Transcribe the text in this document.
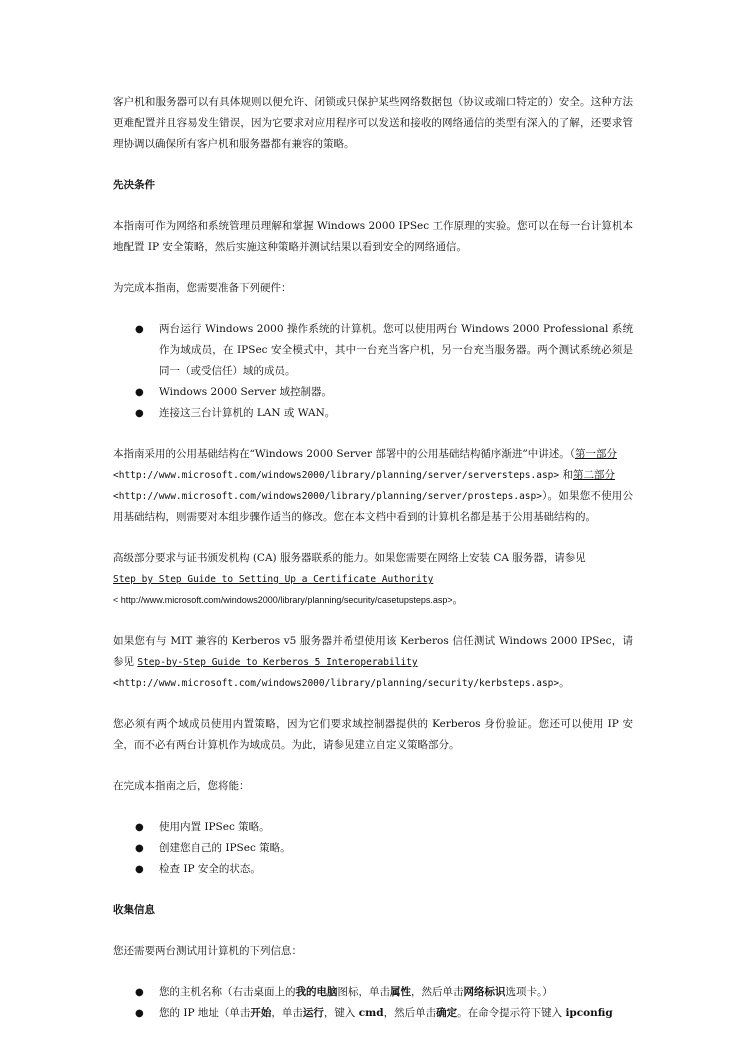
客户机和服务器可以有具体规则以便允许、闭锁或只保护某些网络数据包（协议或端口特定的）安全。这种方法更难配置并且容易发生错误，因为它要求对应用程序可以发送和接收的网络通信的类型有深入的了解，还要求管理协调以确保所有客户机和服务器都有兼容的策略。

先决条件

本指南可作为网络和系统管理员理解和掌握 Windows 2000 IPSec 工作原理的实验。您可以在每一台计算机本地配置 IP 安全策略，然后实施这种策略并测试结果以看到安全的网络通信。

为完成本指南，您需要准备下列硬件：

● 两台运行 Windows 2000 操作系统的计算机。您可以使用两台 Windows 2000 Professional 系统作为域成员，在 IPSec 安全模式中，其中一台充当客户机，另一台充当服务器。两个测试系统必须是同一（或受信任）域的成员。
● Windows 2000 Server 域控制器。
● 连接这三台计算机的 LAN 或 WAN。

本指南采用的公用基础结构在“Windows 2000 Server 部署中的公用基础结构循序渐进”中讲述。（第一部分
<http://www.microsoft.com/windows2000/library/planning/server/serversteps.asp> 和第二部分
<http://www.microsoft.com/windows2000/library/planning/server/prosteps.asp>）。如果您不使用公用基础结构，则需要对本组步骤作适当的修改。您在本文档中看到的计算机名都是基于公用基础结构的。

高级部分要求与证书颁发机构 (CA) 服务器联系的能力。如果您需要在网络上安装 CA 服务器，请参见
Step by Step Guide to Setting Up a Certificate Authority
< http://www.microsoft.com/windows2000/library/planning/security/casetupsteps.asp>。

如果您有与 MIT 兼容的 Kerberos v5 服务器并希望使用该 Kerberos 信任测试 Windows 2000 IPSec，请参见 Step-by-Step Guide to Kerberos 5 Interoperability
<http://www.microsoft.com/windows2000/library/planning/security/kerbsteps.asp>。

您必须有两个域成员使用内置策略，因为它们要求域控制器提供的 Kerberos 身份验证。您还可以使用 IP 安全，而不必有两台计算机作为域成员。为此，请参见建立自定义策略部分。

在完成本指南之后，您将能：

● 使用内置 IPSec 策略。
● 创建您自己的 IPSec 策略。
● 检查 IP 安全的状态。

收集信息

您还需要两台测试用计算机的下列信息：

● 您的主机名称（右击桌面上的我的电脑图标，单击属性，然后单击网络标识选项卡。）
● 您的 IP 地址（单击开始，单击运行，键入 cmd，然后单击确定。在命令提示符下键入 ipconfig
